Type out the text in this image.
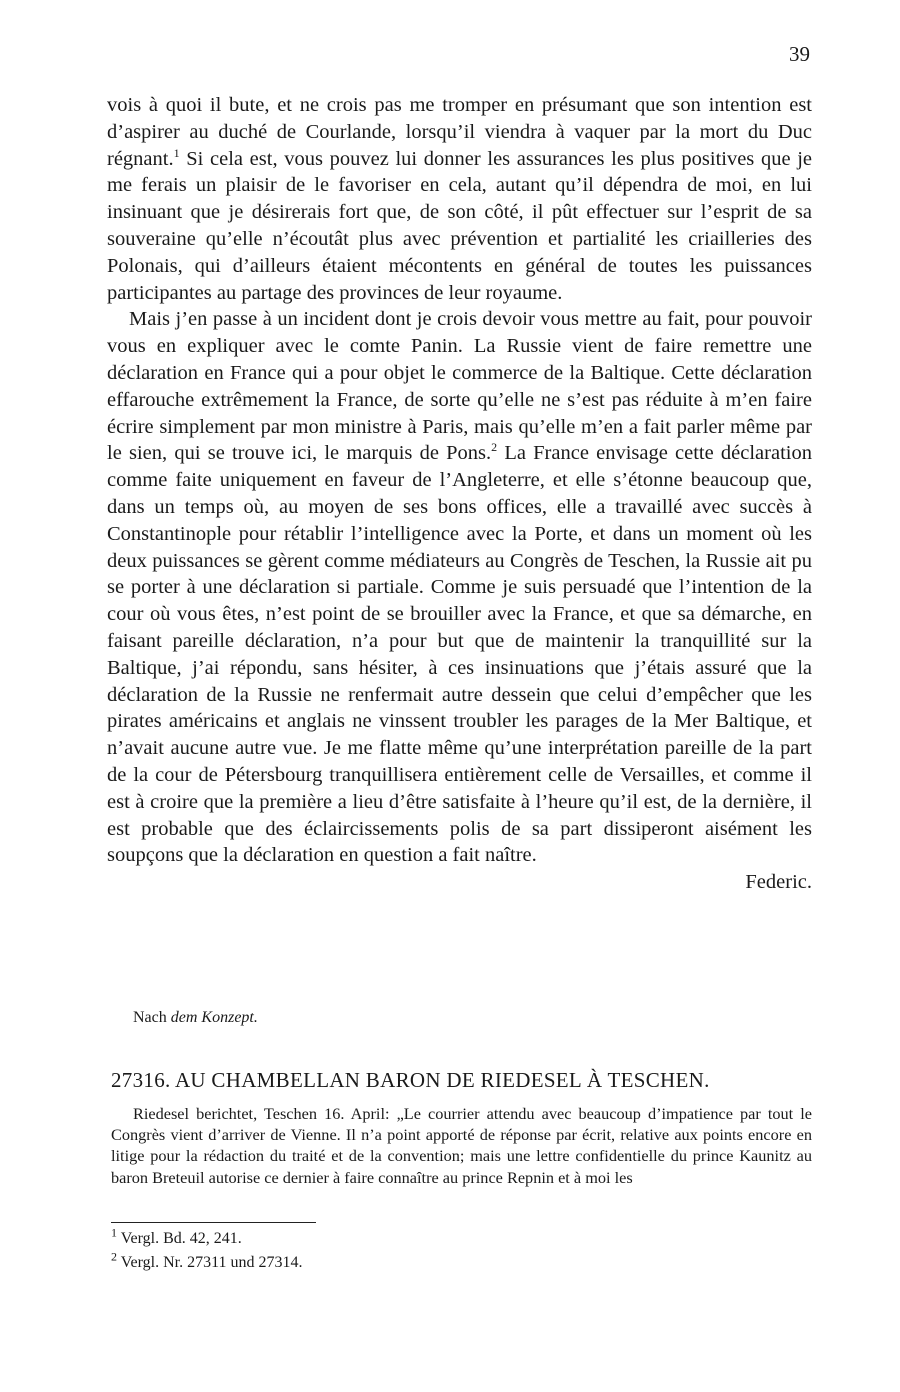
39

vois à quoi il bute, et ne crois pas me tromper en présumant que son intention est d’aspirer au duché de Courlande, lorsqu’il viendra à vaquer par la mort du Duc régnant.$^1$ Si cela est, vous pouvez lui donner les assurances les plus positives que je me ferais un plaisir de le favoriser en cela, autant qu’il dépendra de moi, en lui insinuant que je désirerais fort que, de son côté, il pût effectuer sur l’esprit de sa souveraine qu’elle n’écoutât plus avec prévention et partialité les criailleries des Polonais, qui d’ailleurs étaient mécontents en général de toutes les puissances participantes au partage des provinces de leur royaume.

Mais j’en passe à un incident dont je crois devoir vous mettre au fait, pour pouvoir vous en expliquer avec le comte Panin. La Russie vient de faire remettre une déclaration en France qui a pour objet le commerce de la Baltique. Cette déclaration effarouche extrêmement la France, de sorte qu’elle ne s’est pas réduite à m’en faire écrire simplement par mon ministre à Paris, mais qu’elle m’en a fait parler même par le sien, qui se trouve ici, le marquis de Pons.$^2$ La France envisage cette déclaration comme faite uniquement en faveur de l’Angleterre, et elle s’étonne beaucoup que, dans un temps où, au moyen de ses bons offices, elle a travaillé avec succès à Constantinople pour rétablir l’intelligence avec la Porte, et dans un moment où les deux puissances se gèrent comme médiateurs au Congrès de Teschen, la Russie ait pu se porter à une déclaration si partiale. Comme je suis persuadé que l’intention de la cour où vous êtes, n’est point de se brouiller avec la France, et que sa démarche, en faisant pareille déclaration, n’a pour but que de maintenir la tranquillité sur la Baltique, j’ai répondu, sans hésiter, à ces insinuations que j’étais assuré que la déclaration de la Russie ne renfermait autre dessein que celui d’empêcher que les pirates américains et anglais ne vinssent troubler les parages de la Mer Baltique, et n’avait aucune autre vue. Je me flatte même qu’une interprétation pareille de la part de la cour de Pétersbourg tranquillisera entièrement celle de Versailles, et comme il est à croire que la première a lieu d’être satisfaite à l’heure qu’il est, de la dernière, il est probable que des éclaircissements polis de sa part dissiperont aisément les soupçons que la déclaration en question a fait naître.

Federic.

Nach dem Konzept.
27316. AU CHAMBELLAN BARON DE RIEDESEL À TESCHEN.

Riedesel berichtet, Teschen 16. April: „Le courrier attendu avec beaucoup d’impatience par tout le Congrès vient d’arriver de Vienne. Il n’a point apporté de réponse par écrit, relative aux points encore en litige pour la rédaction du traité et de la convention; mais une lettre confidentielle du prince Kaunitz au baron Breteuil autorise ce dernier à faire connaître au prince Repnin et à moi les

$^1$ Vergl. Bd. 42, 241.
$^2$ Vergl. Nr. 27311 und 27314.
